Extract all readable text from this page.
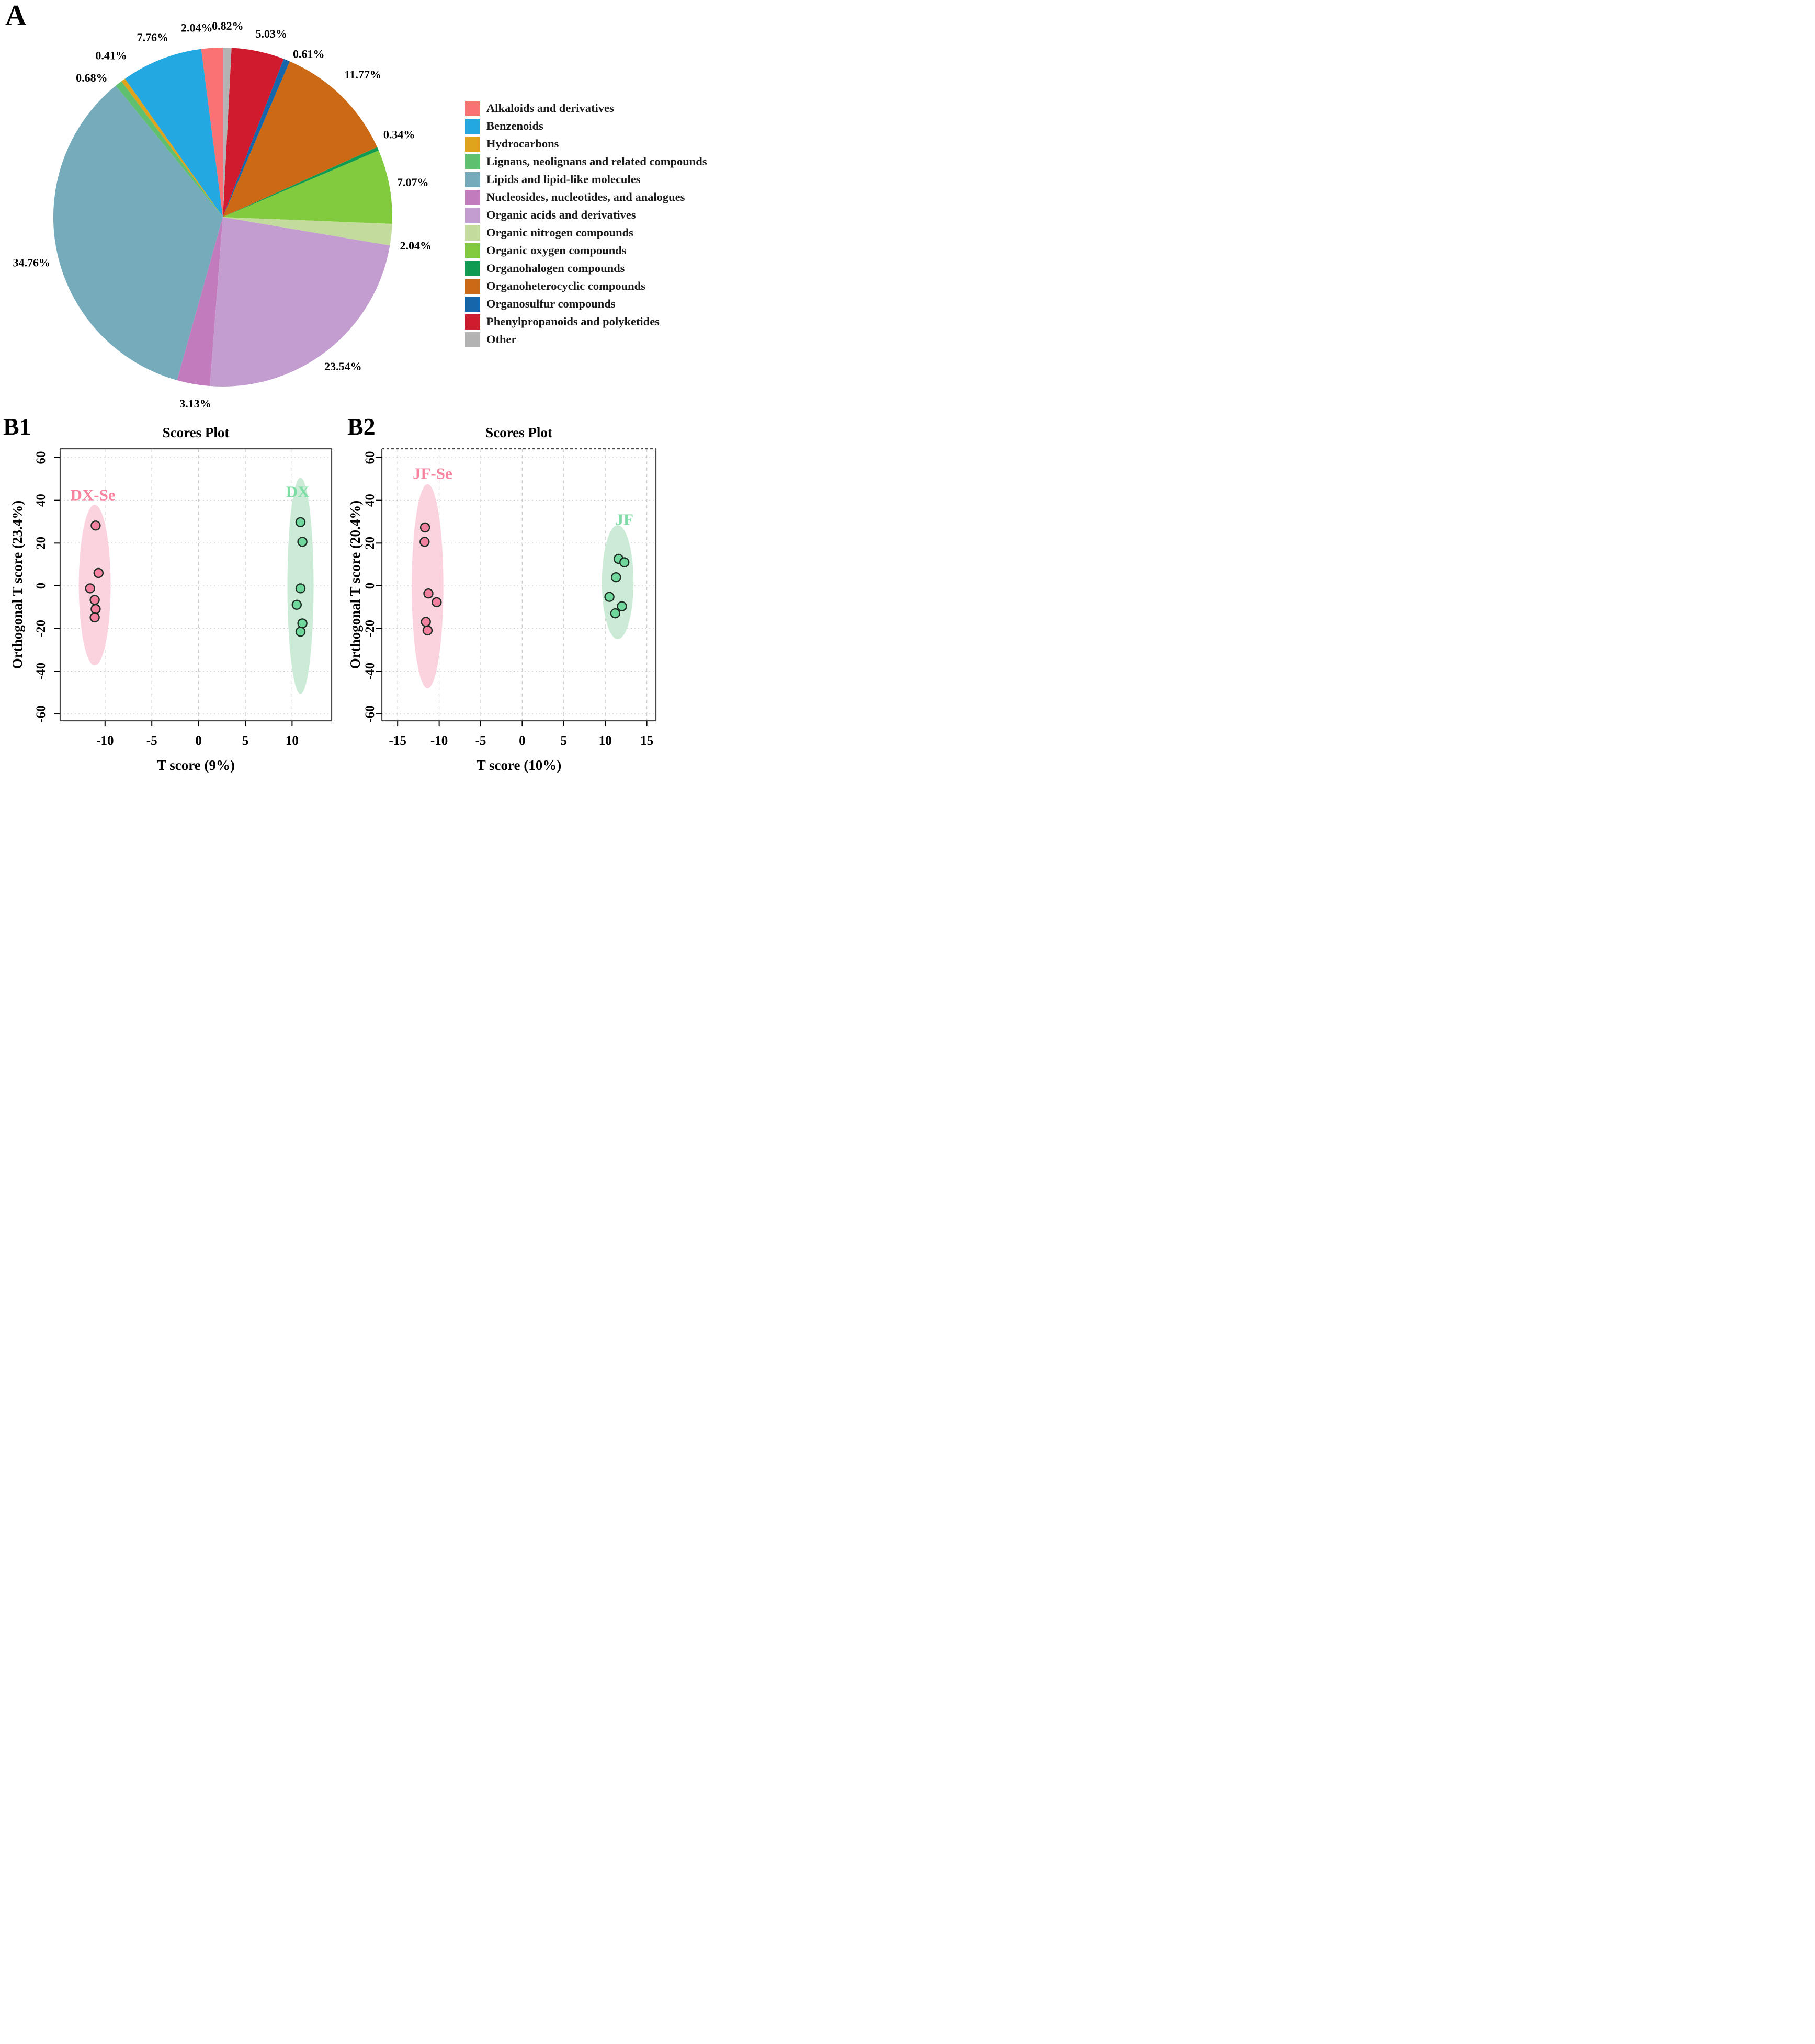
A	2.04%
7.76%
0.41%
0.68%
34.76%
3.13%
23.54%
2.04%
7.07%
0.34%
11.77%
0.61%
5.03%
0.82%
Alkaloids and derivatives
Benzenoids
Hydrocarbons
Lignans, neolignans and related compounds
Lipids and lipid-like molecules
Nucleosides, nucleotides, and analogues
Organic acids and derivatives
Organic nitrogen compounds
Organic oxygen compounds
Organohalogen compounds
Organoheterocyclic compounds
Organosulfur compounds
Phenylpropanoids and polyketides
Other
B1
DX-Se	DX
-10 -5	0	5	10
-60
-40
-20
0
20
40
60
Scores Plot
T score (9%)
Orthogonal T score (23.4%)
B2
JF-Se
JF
-15 -10 -5	0	5 10 15
-60
-40
-20
0
20
40
60
Scores Plot
T score (10%)
Orthogonal T score (20.4%)
